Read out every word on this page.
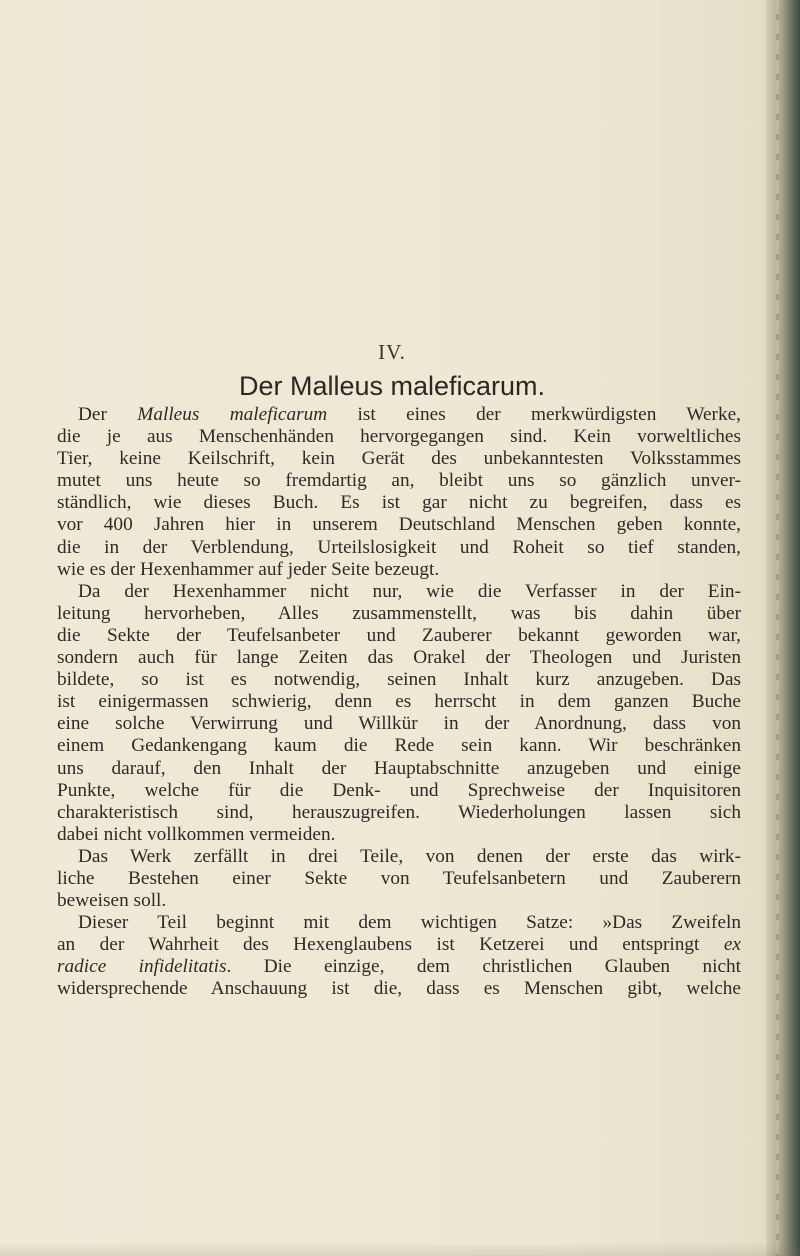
IV.
Der Malleus maleficarum.
Der Malleus maleficarum ist eines der merkwürdigsten Werke,
die je aus Menschenhänden hervorgegangen sind. Kein vorweltliches
Tier, keine Keilschrift, kein Gerät des unbekanntesten Volksstammes
mutet uns heute so fremdartig an, bleibt uns so gänzlich unver-
ständlich, wie dieses Buch. Es ist gar nicht zu begreifen, dass es
vor 400 Jahren hier in unserem Deutschland Menschen geben konnte,
die in der Verblendung, Urteilslosigkeit und Roheit so tief standen,
wie es der Hexenhammer auf jeder Seite bezeugt.
Da der Hexenhammer nicht nur, wie die Verfasser in der Ein-
leitung hervorheben, Alles zusammenstellt, was bis dahin über
die Sekte der Teufelsanbeter und Zauberer bekannt geworden war,
sondern auch für lange Zeiten das Orakel der Theologen und Juristen
bildete, so ist es notwendig, seinen Inhalt kurz anzugeben. Das
ist einigermassen schwierig, denn es herrscht in dem ganzen Buche
eine solche Verwirrung und Willkür in der Anordnung, dass von
einem Gedankengang kaum die Rede sein kann. Wir beschränken
uns darauf, den Inhalt der Hauptabschnitte anzugeben und einige
Punkte, welche für die Denk- und Sprechweise der Inquisitoren
charakteristisch sind, herauszugreifen. Wiederholungen lassen sich
dabei nicht vollkommen vermeiden.
Das Werk zerfällt in drei Teile, von denen der erste das wirk-
liche Bestehen einer Sekte von Teufelsanbetern und Zauberern
beweisen soll.
Dieser Teil beginnt mit dem wichtigen Satze: »Das Zweifeln
an der Wahrheit des Hexenglaubens ist Ketzerei und entspringt ex
radice infidelitatis. Die einzige, dem christlichen Glauben nicht
widersprechende Anschauung ist die, dass es Menschen gibt, welche
